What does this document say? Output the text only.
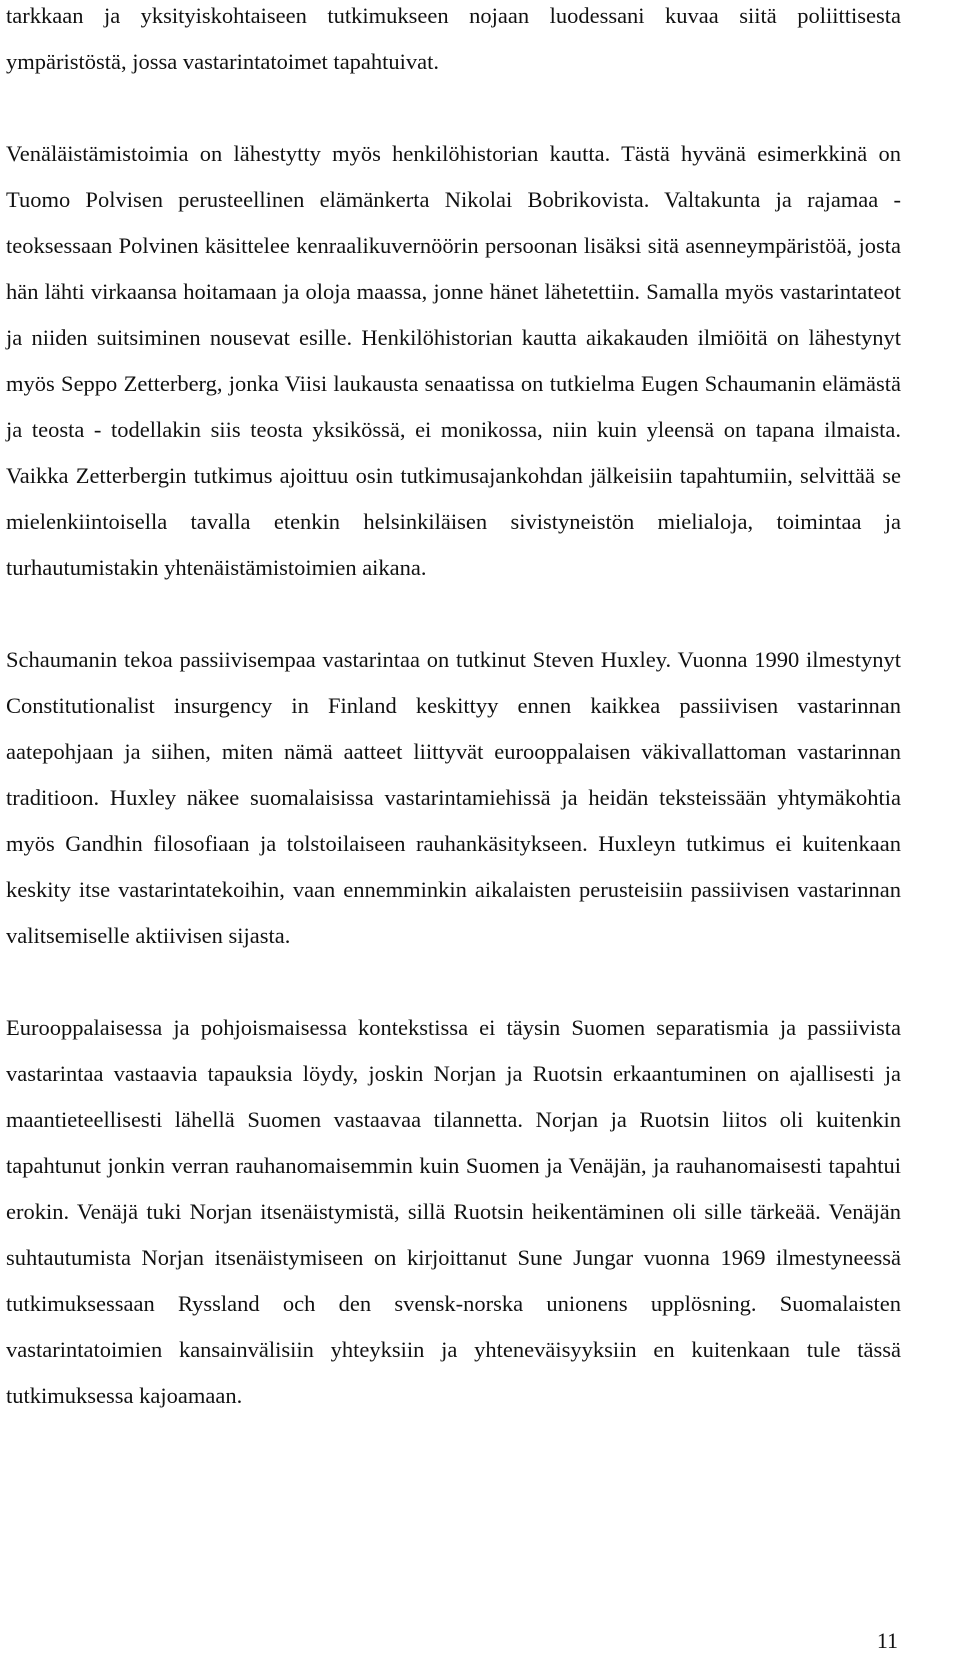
tarkkaan ja yksityiskohtaiseen tutkimukseen nojaan luodessani kuvaa siitä poliittisesta ympäristöstä, jossa vastarintatoimet tapahtuivat.

Venäläistämistoimia on lähestytty myös henkilöhistorian kautta. Tästä hyvänä esimerkkinä on Tuomo Polvisen perusteellinen elämänkerta Nikolai Bobrikovista. Valtakunta ja rajamaa -teoksessaan Polvinen käsittelee kenraalikuvernöörin persoonan lisäksi sitä asenneympäristöä, josta hän lähti virkaansa hoitamaan ja oloja maassa, jonne hänet lähetettiin. Samalla myös vastarintateot ja niiden suitsiminen nousevat esille. Henkilöhistorian kautta aikakauden ilmiöitä on lähestynyt myös Seppo Zetterberg, jonka Viisi laukausta senaatissa on tutkielma Eugen Schaumanin elämästä ja teosta - todellakin siis teosta yksikössä, ei monikossa, niin kuin yleensä on tapana ilmaista. Vaikka Zetterbergin tutkimus ajoittuu osin tutkimusajankohdan jälkeisiin tapahtumiin, selvittää se mielenkiintoisella tavalla etenkin helsinkiläisen sivistyneistön mielialoja, toimintaa ja turhautumistakin yhtenäistämistoimien aikana.

Schaumanin tekoa passiivisempaa vastarintaa on tutkinut Steven Huxley. Vuonna 1990 ilmestynyt Constitutionalist insurgency in Finland keskittyy ennen kaikkea passiivisen vastarinnan aatepohjaan ja siihen, miten nämä aatteet liittyvät eurooppalaisen väkivallattoman vastarinnan traditioon. Huxley näkee suomalaisissa vastarintamiehissä ja heidän teksteissään yhtymäkohtia myös Gandhin filosofiaan ja tolstoilaiseen rauhankäsitykseen. Huxleyn tutkimus ei kuitenkaan keskity itse vastarintatekoihin, vaan ennemminkin aikalaisten perusteisiin passiivisen vastarinnan valitsemiselle aktiivisen sijasta.

Eurooppalaisessa ja pohjoismaisessa kontekstissa ei täysin Suomen separatismia ja passiivista vastarintaa vastaavia tapauksia löydy, joskin Norjan ja Ruotsin erkaantuminen on ajallisesti ja maantieteellisesti lähellä Suomen vastaavaa tilannetta. Norjan ja Ruotsin liitos oli kuitenkin tapahtunut jonkin verran rauhanomaisemmin kuin Suomen ja Venäjän, ja rauhanomaisesti tapahtui erokin. Venäjä tuki Norjan itsenäistymistä, sillä Ruotsin heikentäminen oli sille tärkeää. Venäjän suhtautumista Norjan itsenäistymiseen on kirjoittanut Sune Jungar vuonna 1969 ilmestyneessä tutkimuksessaan Ryssland och den svensk-norska unionens upplösning. Suomalaisten vastarintatoimien kansainvälisiin yhteyksiin ja yhteneväisyyksiin en kuitenkaan tule tässä tutkimuksessa kajoamaan.

11
